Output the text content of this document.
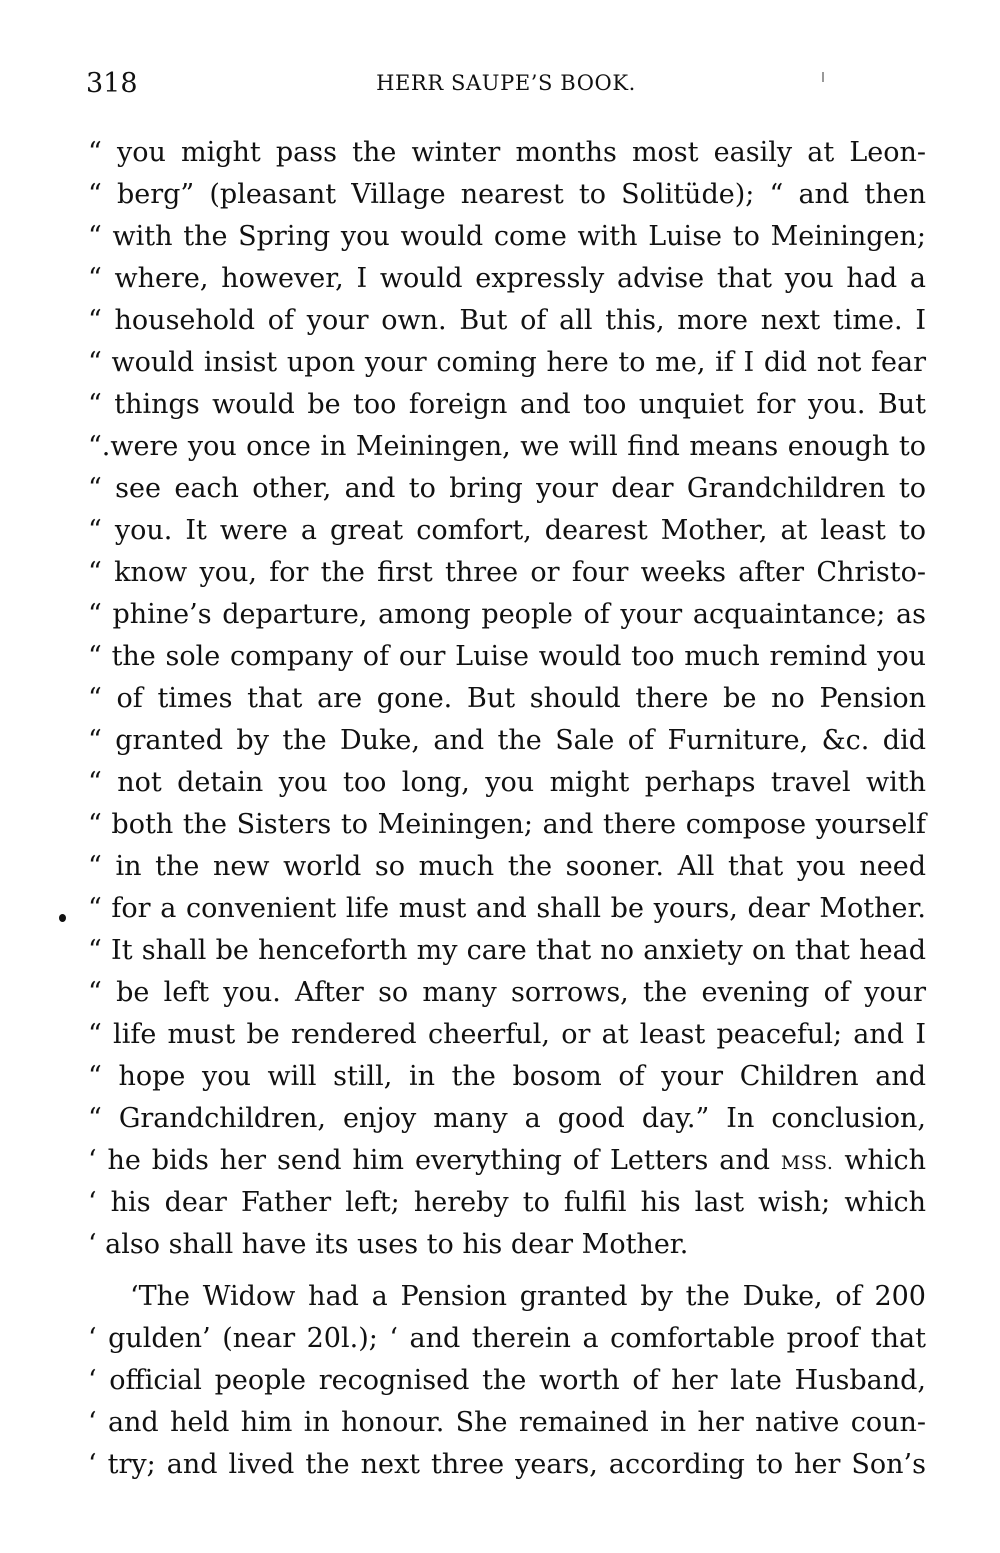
318	HERR SAUPE’S BOOK.
“ you might pass the winter months most easily at Leon-
“ berg” (pleasant Village nearest to Solitüde); “ and then
“ with the Spring you would come with Luise to Meiningen;
“ where, however, I would expressly advise that you had a
“ household of your own. But of all this, more next time. I
“ would insist upon your coming here to me, if I did not fear
“ things would be too foreign and too unquiet for you. But
“.were you once in Meiningen, we will find means enough to
“ see each other, and to bring your dear Grandchildren to
“ you. It were a great comfort, dearest Mother, at least to
“ know you, for the first three or four weeks after Christo-
“ phine’s departure, among people of your acquaintance; as
“ the sole company of our Luise would too much remind you
“ of times that are gone. But should there be no Pension
“ granted by the Duke, and the Sale of Furniture, &c. did
“ not detain you too long, you might perhaps travel with
“ both the Sisters to Meiningen; and there compose yourself
“ in the new world so much the sooner. All that you need
“ for a convenient life must and shall be yours, dear Mother.
“ It shall be henceforth my care that no anxiety on that head
“ be left you. After so many sorrows, the evening of your
“ life must be rendered cheerful, or at least peaceful; and I
“ hope you will still, in the bosom of your Children and
“ Grandchildren, enjoy many a good day.” In conclusion,
‘ he bids her send him everything of Letters and MSS. which
‘ his dear Father left; hereby to fulfil his last wish; which
‘ also shall have its uses to his dear Mother.
‘The Widow had a Pension granted by the Duke, of 200
‘ gulden’ (near 20l.); ‘ and therein a comfortable proof that
‘ official people recognised the worth of her late Husband,
‘ and held him in honour. She remained in her native coun-
‘ try; and lived the next three years, according to her Son’s
